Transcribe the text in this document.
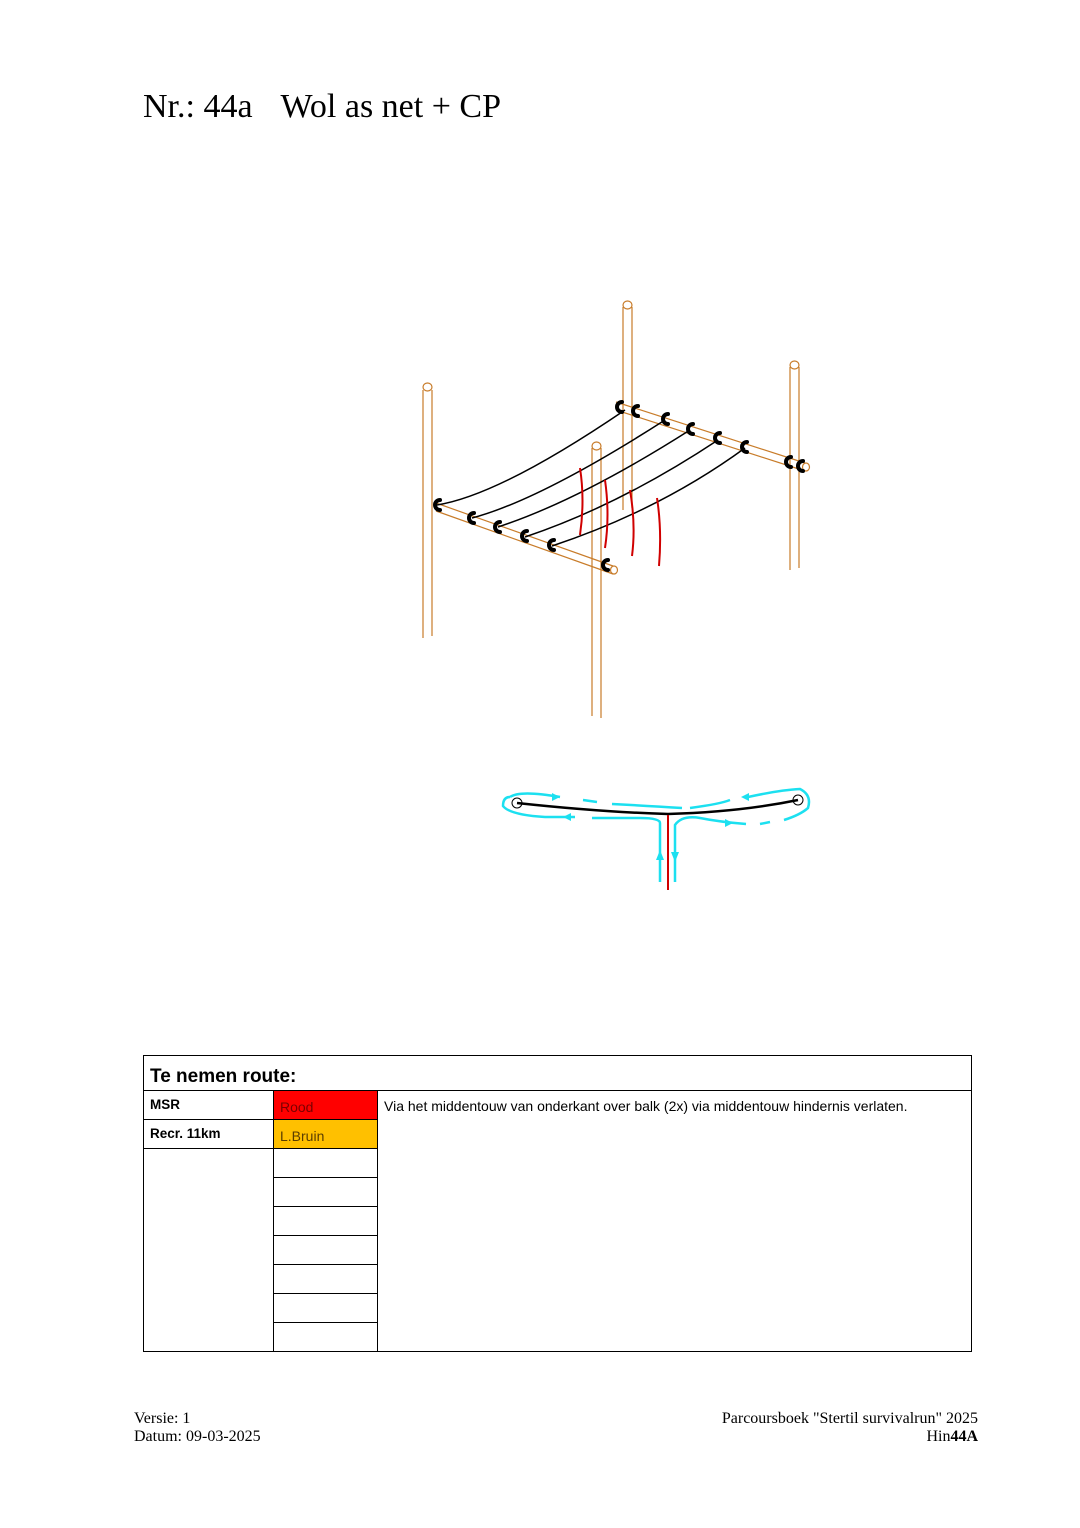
Nr.: 44a Wol as net + CP
Te nemen route:		
MSR	Rood	Via het middentouw van onderkant over balk (2x) via middentouw hindernis verlaten.
Recr. 11km	L.Bruin	

Versie: 1
Datum: 09-03-2025
Parcoursboek "Stertil survivalrun" 2025
Hin44A
